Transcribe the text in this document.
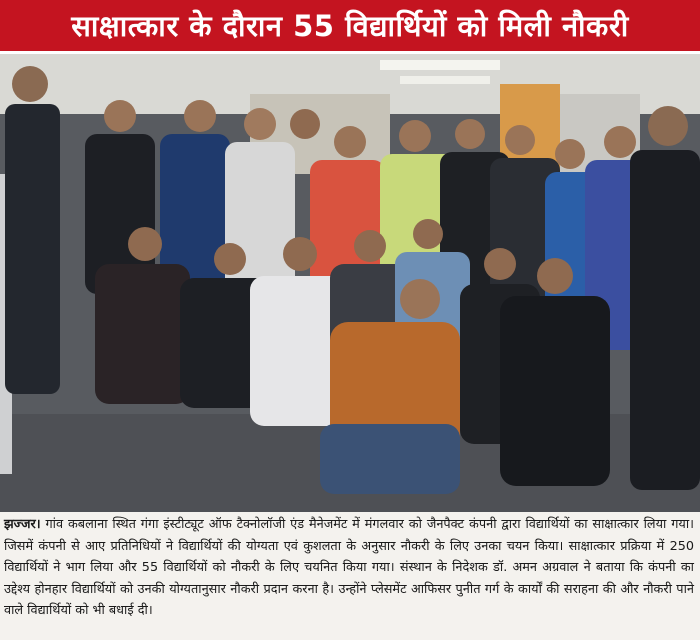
साक्षात्कार के दौरान 55 विद्यार्थियों को मिली नौकरी
झज्जर। गांव कबलाना स्थित गंगा इंस्टीट्यूट ऑफ टैक्नोलॉजी एंड मैनेजमेंट में मंगलवार को जैनपैक्ट कंपनी द्वारा विद्यार्थियों का साक्षात्कार लिया गया। जिसमें कंपनी से आए प्रतिनिधियों ने विद्यार्थियों की योग्यता एवं कुशलता के अनुसार नौकरी के लिए उनका चयन किया। साक्षात्कार प्रक्रिया में 250 विद्यार्थियों ने भाग लिया और 55 विद्यार्थियों को नौकरी के लिए चयनित किया गया। संस्थान के निदेशक डॉ. अमन अग्रवाल ने बताया कि कंपनी का उद्देश्य होनहार विद्यार्थियों को उनकी योग्यतानुसार नौकरी प्रदान करना है। उन्होंने प्लेसमेंट आफिसर पुनीत गर्ग के कार्यों की सराहना की और नौकरी पाने वाले विद्यार्थियों को भी बधाई दी।
